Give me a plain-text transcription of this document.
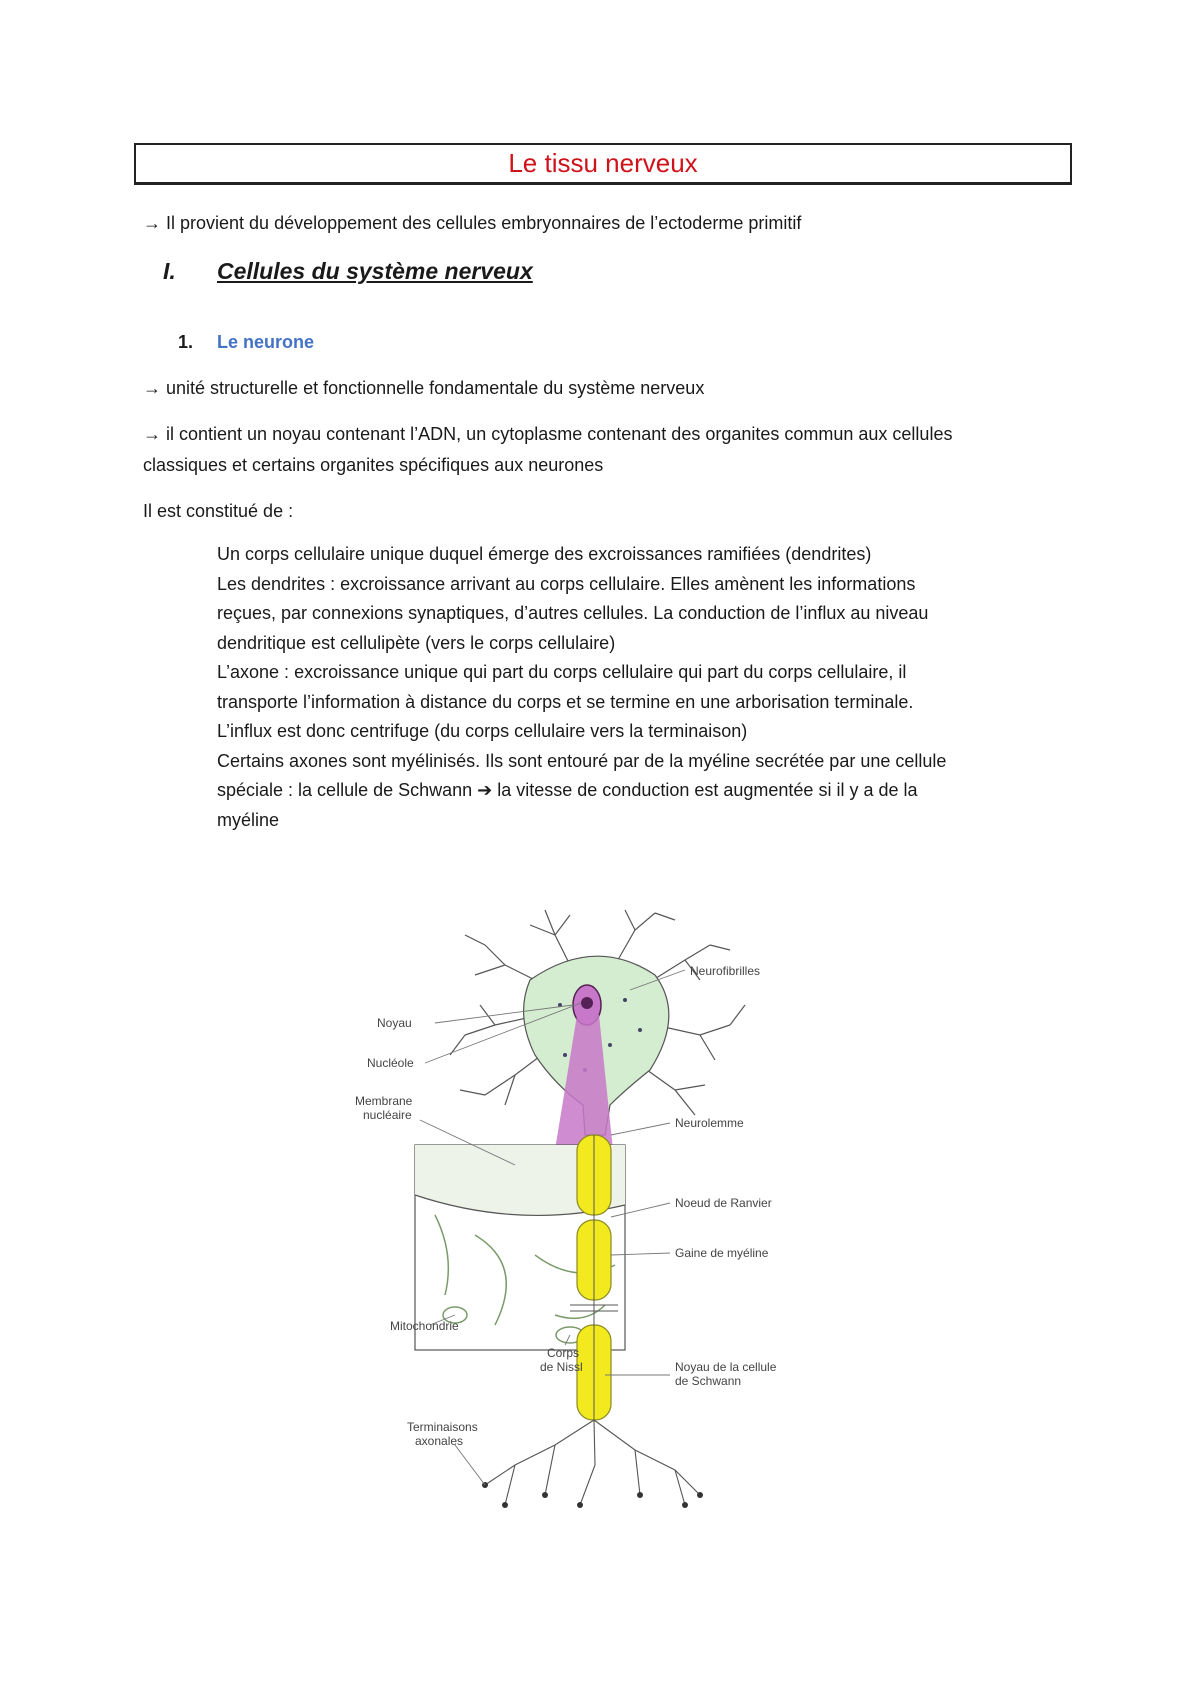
Le tissu nerveux
→ Il provient du développement des cellules embryonnaires de l’ectoderme primitif
I. Cellules du système nerveux
1. Le neurone
→ unité structurelle et fonctionnelle fondamentale du système nerveux
→ il contient un noyau contenant l’ADN, un cytoplasme contenant des organites commun aux cellules
classiques et certains organites spécifiques aux neurones
Il est constitué de :
Un corps cellulaire unique duquel émerge des excroissances ramifiées (dendrites)
Les dendrites : excroissance arrivant au corps cellulaire. Elles amènent les informations
reçues, par connexions synaptiques, d’autres cellules. La conduction de l’influx au niveau
dendritique est cellulipète (vers le corps cellulaire)
L’axone : excroissance unique qui part du corps cellulaire qui part du corps cellulaire, il
transporte l’information à distance du corps et se termine en une arborisation terminale.
L’influx est donc centrifuge (du corps cellulaire vers la terminaison)
Certains axones sont myélinisés. Ils sont entouré par de la myéline secrétée par une cellule
spéciale : la cellule de Schwann ➔ la vitesse de conduction est augmentée si il y a de la
myéline
Neurofibrilles
Noyau
Nucléole
Membrane
nucléaire
Neurolemme
Noeud de Ranvier
Gaine de myéline
Mitochondrie
Corps
de Nissl	Noyau de la cellule
de Schwann
Terminaisons
axonales
